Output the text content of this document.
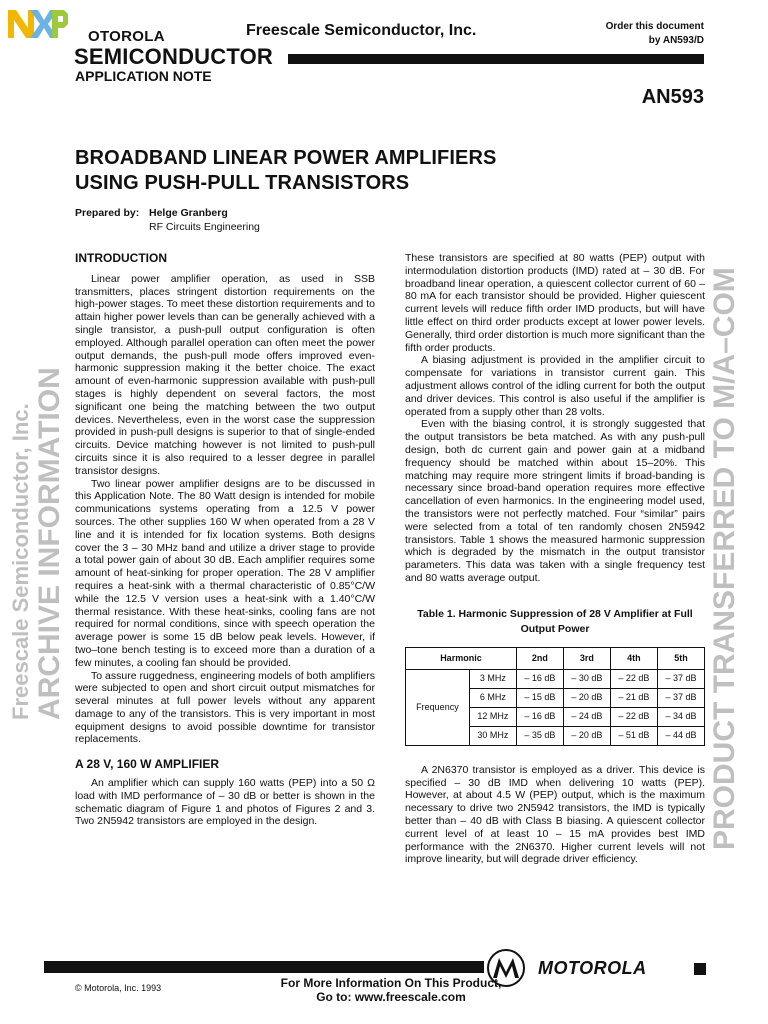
OTOROLA
SEMICONDUCTOR
APPLICATION NOTE
Freescale Semiconductor, Inc.	Order this document
by AN593/D
AN593
BROADBAND LINEAR POWER AMPLIFIERS
USING PUSH-PULL TRANSISTORS
Prepared by: Helge Granberg
RF Circuits Engineering
INTRODUCTION

Linear power amplifier operation, as used in SSB transmitters, places stringent distortion requirements on the high-power stages. To meet these distortion requirements and to attain higher power levels than can be generally achieved with a single transistor, a push-pull output configuration is often employed. Although parallel operation can often meet the power output demands, the push-pull mode offers improved even-harmonic suppression making it the better choice. The exact amount of even-harmonic suppression available with push-pull stages is highly dependent on several factors, the most significant one being the matching between the two output devices. Nevertheless, even in the worst case the suppression provided in push-pull designs is superior to that of single-ended circuits. Device matching however is not limited to push-pull circuits since it is also required to a lesser degree in parallel transistor designs.

Two linear power amplifier designs are to be discussed in this Application Note. The 80 Watt design is intended for mobile communications systems operating from a 12.5 V power sources. The other supplies 160 W when operated from a 28 V line and it is intended for fix location systems. Both designs cover the 3 – 30 MHz band and utilize a driver stage to provide a total power gain of about 30 dB. Each amplifier requires some amount of heat-sinking for proper operation. The 28 V amplifier requires a heat-sink with a thermal characteristic of 0.85°C/W while the 12.5 V version uses a heat-sink with a 1.40°C/W thermal resistance. With these heat-sinks, cooling fans are not required for normal conditions, since with speech operation the average power is some 15 dB below peak levels. However, if two–tone bench testing is to exceed more than a duration of a few minutes, a cooling fan should be provided.

To assure ruggedness, engineering models of both amplifiers were subjected to open and short circuit output mismatches for several minutes at full power levels without any apparent damage to any of the transistors. This is very important in most equipment designs to avoid possible downtime for transistor replacements.

A 28 V, 160 W AMPLIFIER

An amplifier which can supply 160 watts (PEP) into a 50 Ω load with IMD performance of – 30 dB or better is shown in the schematic diagram of Figure 1 and photos of Figures 2 and 3. Two 2N5942 transistors are employed in the design.

These transistors are specified at 80 watts (PEP) output with intermodulation distortion products (IMD) rated at – 30 dB. For broadband linear operation, a quiescent collector current of 60 – 80 mA for each transistor should be provided. Higher quiescent current levels will reduce fifth order IMD products, but will have little effect on third order products except at lower power levels. Generally, third order distortion is much more significant than the fifth order products.

A biasing adjustment is provided in the amplifier circuit to compensate for variations in transistor current gain. This adjustment allows control of the idling current for both the output and driver devices. This control is also useful if the amplifier is operated from a supply other than 28 volts.

Even with the biasing control, it is strongly suggested that the output transistors be beta matched. As with any push-pull design, both dc current gain and power gain at a midband frequency should be matched within about 15–20%. This matching may require more stringent limits if broad-banding is necessary since broad-band operation requires more effective cancellation of even harmonics. In the engineering model used, the transistors were not perfectly matched. Four “similar” pairs were selected from a total of ten randomly chosen 2N5942 transistors. Table 1 shows the measured harmonic suppression which is degraded by the mismatch in the output transistor parameters. This data was taken with a single frequency test and 80 watts average output.

Table 1. Harmonic Suppression of 28 V Amplifier at Full Output Power
Harmonic		2nd	3rd	4th	5th
Frequency	3 MHz	– 16 dB	– 30 dB	– 22 dB	– 37 dB
	6 MHz	– 15 dB	– 20 dB	– 21 dB	– 37 dB
	12 MHz	– 16 dB	– 24 dB	– 22 dB	– 34 dB
	30 MHz	– 35 dB	– 20 dB	– 51 dB	– 44 dB

A 2N6370 transistor is employed as a driver. This device is specified – 30 dB IMD when delivering 10 watts (PEP). However, at about 4.5 W (PEP) output, which is the maximum necessary to drive two 2N5942 transistors, the IMD is typically better than – 40 dB with Class B biasing. A quiescent collector current level of at least 10 – 15 mA provides best IMD performance with the 2N6370. Higher current levels will not improve linearity, but will degrade driver efficiency.

Freescale Semiconductor, Inc. ARCHIVE INFORMATION	PRODUCT TRANSFERRED TO M/A–COM
MOTOROLA
© Motorola, Inc. 1993	For More Information On This Product,
Go to: www.freescale.com
